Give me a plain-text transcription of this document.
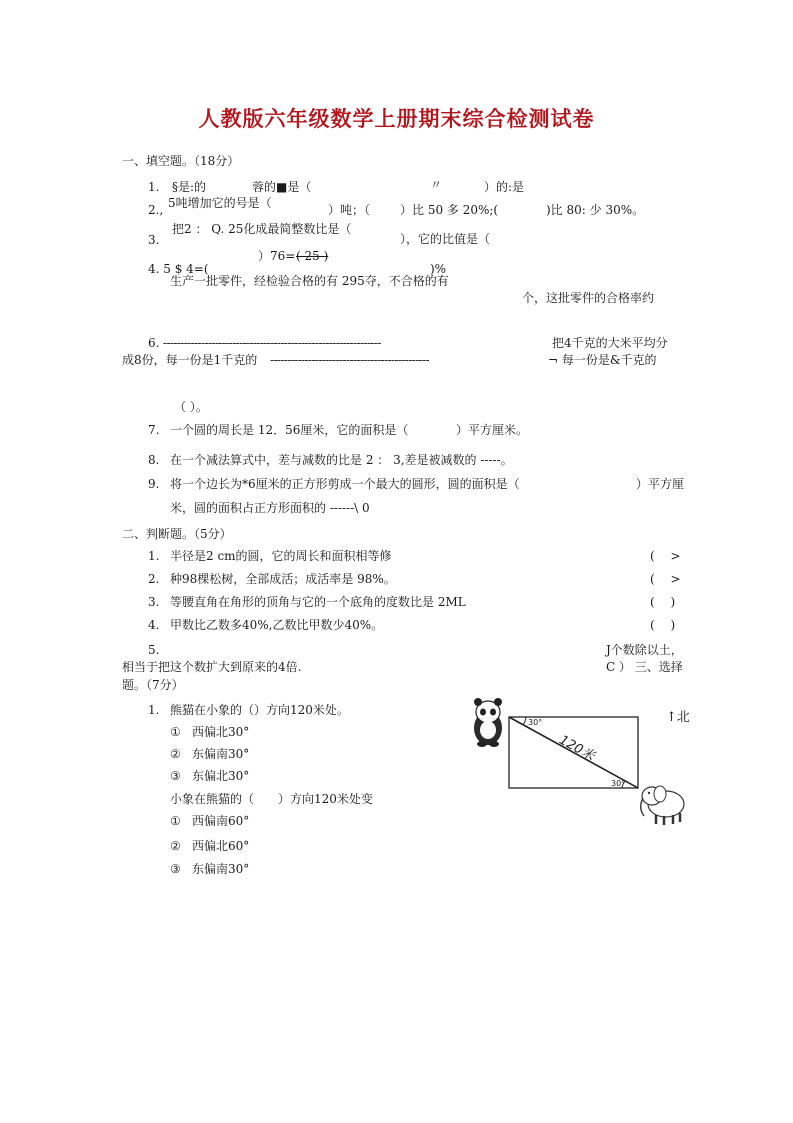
人教版六年级数学上册期末综合检测试卷
一、填空题。（18分）
1. §是:的	蓉的■是（	〃	）的:是
2., 5吨增加它的号是（	）吨；（ ）比 50 多 20%;(	)比 80: 少 30%。
3.
把2 ： Q. 25化成最简整数比是（
），它的比值是（
）76= ( 25 )
4. 5 $ 4=(	)%
生产一批零件，经检验合格的有 295夺，不合格的有
个，这批零件的合格率约
6. ---------------------------------------------------------------	把4千克的大米平均分
成8份，每一份是1千克的 ----------------------------------------------	¬ 每一份是&千克的
（ ）。
7. 一个圆的周长是 12．56厘米，它的面积是（	）平方厘米。
8. 在一个减法算式中，差与减数的比是 2 ： 3,差是被减数的 -----。
9. 将一个边长为*6厘米的正方形剪成一个最大的圆形，圆的面积是（	）平方厘
米，圆的面积占正方形面积的 ------\ 0
二、判断题。（5分）
1. 半径是2 cm的圆，它的周长和面积相等修	(　 >
2. 种98棵松树，全部成活；成活率是 98%。	(　 >
3. 等腰直角在角形的顶角与它的一个底角的度数比是 2ML	(　 )
4. 甲数比乙数多40%,乙数比甲数少40%。	(　 )
5.	J个数除以土，
相当于把这个数扩大到原来的4倍.	C ） 三、选择
题。（7分）
1. 熊猫在小象的（）方向120米处。
① 西偏北30°
② 东偏南30°
③ 东偏北30°
小象在熊猫的（　　）方向120米处变
① 西偏南60°
② 西偏北60°
③ 东偏南30°
30°
30°
120米
↑北
